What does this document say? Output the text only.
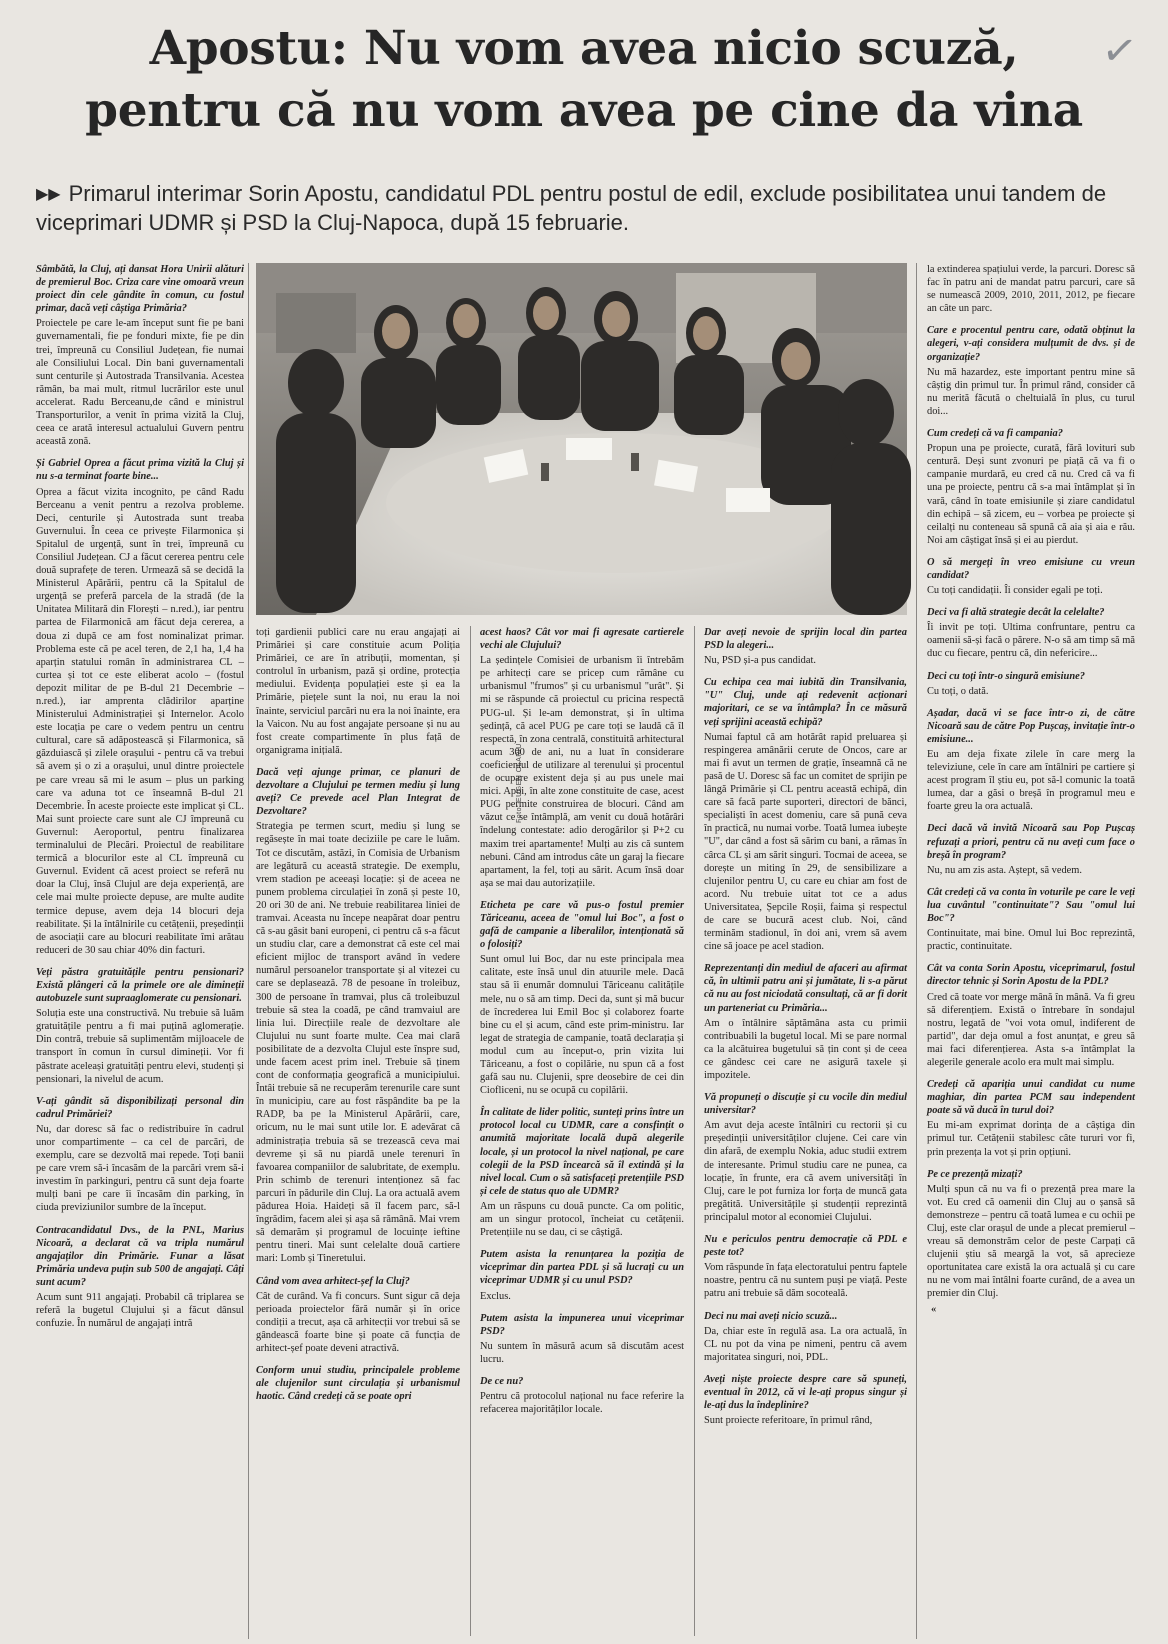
Apostu: Nu vom avea nicio scuză,
pentru că nu vom avea pe cine da vina
✓
▶▶ Primarul interimar Sorin Apostu, candidatul PDL pentru postul de edil, exclude posibilitatea unui tandem de viceprimari UDMR și PSD la Cluj-Napoca, după 15 februarie.
Foto: EUGEN OLARIU

Sâmbătă, la Cluj, ați dansat Hora Unirii alături de premierul Boc. Criza care vine omoară vreun proiect din cele gândite în comun, cu fostul primar, dacă veți câștiga Primăria?

Proiectele pe care le-am început sunt fie pe bani guvernamentali, fie pe fonduri mixte, fie pe din trei, împreună cu Consiliul Județean, fie numai ale Consiliului Local. Din bani guvernamentali sunt centurile și Autostrada Transilvania. Acestea rămân, ba mai mult, ritmul lucrărilor este unul accelerat. Radu Berceanu,de când e ministrul Transporturilor, a venit în prima vizită la Cluj, ceea ce arată interesul actualului Guvern pentru această zonă.

Și Gabriel Oprea a făcut prima vizită la Cluj și nu s-a terminat foarte bine...

Oprea a făcut vizita incognito, pe când Radu Berceanu a venit pentru a rezolva probleme. Deci, centurile și Autostrada sunt treaba Guvernului. În ceea ce privește Filarmonica și Spitalul de urgență, sunt în trei, împreună cu Consiliul Județean. CJ a făcut cererea pentru cele două suprafețe de teren. Urmează să se decidă la Ministerul Apărării, pentru că la Spitalul de urgență se preferă parcela de la stradă (de la Unitatea Militară din Florești – n.red.), iar pentru partea de Filarmonică am făcut deja cererea, a doua zi după ce am fost nominalizat primar. Problema este că pe acel teren, de 2,1 ha, 1,4 ha aparțin statului român în administrarea CL – curtea și tot ce este eliberat acolo – (fostul depozit militar de pe B-dul 21 Decembrie – n.red.), iar amprenta clădirilor aparține Ministerului Administrației și Internelor. Acolo este locația pe care o vedem pentru un centru cultural, care să adăpostească și Filarmonica, să găzduiască și zilele orașului - pentru că va trebui să avem și o zi a orașului, unul dintre proiectele pe care vreau să mi le asum – plus un parking care va aduna tot ce înseamnă B-dul 21 Decembrie. În aceste proiecte este implicat și CL. Mai sunt proiecte care sunt ale CJ împreună cu Guvernul: Aeroportul, pentru finalizarea terminalului de Plecări. Proiectul de reabilitare termică a blocurilor este al CL împreună cu Guvernul. Evident că acest proiect se referă nu doar la Cluj, însă Clujul are deja experiență, are cele mai multe proiecte depuse, are multe audite termice depuse, avem deja 14 blocuri deja reabilitate. Și la întâlnirile cu cetățenii, președinții de asociații care au blocuri reabilitate îmi arătau reduceri de 30 sau chiar 40% din facturi.

Veți păstra gratuitățile pentru pensionari? Există plângeri că la primele ore ale dimineții autobuzele sunt supraaglomerate cu pensionari.

Soluția este una constructivă. Nu trebuie să luăm gratuitățile pentru a fi mai puțină aglomerație. Din contră, trebuie să suplimentăm mijloacele de transport în comun în cursul dimineții. Vor fi păstrate aceleași gratuități pentru elevi, studenți și pensionari, la nivelul de acum.

V-ați gândit să disponibilizați personal din cadrul Primăriei?

Nu, dar doresc să fac o redistribuire în cadrul unor compartimente – ca cel de parcări, de exemplu, care se dezvoltă mai repede. Toți banii pe care vrem să-i încasăm de la parcări vrem să-i investim în parkinguri, pentru că sunt deja foarte mulți bani pe care îi încasăm din parking, în ciuda previziunilor sumbre de la început.

Contracandidatul Dvs., de la PNL, Marius Nicoară, a declarat că va tripla numărul angajaților din Primărie. Funar a lăsat Primăria undeva puțin sub 500 de angajați. Câți sunt acum?

Acum sunt 911 angajați. Probabil că triplarea se referă la bugetul Clujului și a făcut dânsul confuzie. În numărul de angajați intră

toți gardienii publici care nu erau angajați ai Primăriei și care constituie acum Poliția Primăriei, ce are în atribuții, momentan, și controlul în urbanism, pază și ordine, protecția mediului. Evidența populației este și ea la Primărie, piețele sunt la noi, nu erau la noi înainte, serviciul parcări nu era la noi înainte, era la Vaicon. Nu au fost angajate persoane și nu au fost create compartimente în plus față de organigrama inițială.

Dacă veți ajunge primar, ce planuri de dezvoltare a Clujului pe termen mediu și lung aveți? Ce prevede acel Plan Integrat de Dezvoltare?

Strategia pe termen scurt, mediu și lung se regăsește în mai toate deciziile pe care le luăm. Tot ce discutăm, astăzi, în Comisia de Urbanism are legătură cu această strategie. De exemplu, vrem stadion pe aceeași locație: și de aceea ne punem problema circulației în zonă și peste 10, 20 ori 30 de ani. Ne trebuie reabilitarea liniei de tramvai. Aceasta nu începe neapărat doar pentru că s-au găsit bani europeni, ci pentru că s-a făcut un studiu clar, care a demonstrat că este cel mai eficient mijloc de transport având în vedere numărul persoanelor transportate și al vitezei cu care se deplasează. 78 de pesoane în troleibuz, 300 de persoane în tramvai, plus că troleibuzul trebuie să stea la coadă, pe când tramvaiul are linia lui. Direcțiile reale de dezvoltare ale Clujului nu sunt foarte multe. Cea mai clară posibilitate de a dezvolta Clujul este înspre sud, unde facem acest prim inel. Trebuie să ținem cont de conformația geografică a municipiului. Întâi trebuie să ne recuperăm terenurile care sunt în municipiu, care au fost răspândite ba pe la RADP, ba pe la Ministerul Apărării, care, oricum, nu le mai sunt utile lor. E adevărat că administrația trebuia să se trezească ceva mai devreme și să nu piardă unele terenuri în favoarea companiilor de salubritate, de exemplu. Prin schimb de terenuri intenționez să fac parcuri în pădurile din Cluj. La ora actuală avem pădurea Hoia. Haideți să îl facem parc, să-l îngrădim, facem alei și așa să rămână. Mai vrem să demarăm și programul de locuințe ieftine pentru tineri. Mai sunt celelalte două cartiere mari: Lomb și Tineretului.

Când vom avea arhitect-șef la Cluj?

Cât de curând. Va fi concurs. Sunt sigur că deja perioada proiectelor fără număr și în orice condiții a trecut, așa că arhitecții vor trebui să se gândească foarte bine și poate că funcția de arhitect-șef poate deveni atractivă.

Conform unui studiu, principalele probleme ale clujenilor sunt circulația și urbanismul haotic. Când credeți că se poate opri

acest haos? Cât vor mai fi agresate cartierele vechi ale Clujului?

La ședințele Comisiei de urbanism îi întrebăm pe arhitecți care se pricep cum rămâne cu urbanismul "frumos" și cu urbanismul "urât". Și mi se răspunde că proiectul cu pricina respectă PUG-ul. Și le-am demonstrat, și în ultima ședință, că acel PUG pe care toți se laudă că îl respectă, în zona centrală, constituită arhitectural acum 300 de ani, nu a luat în considerare coeficientul de utilizare al terenului și procentul de ocupare existent deja și au pus unele mai mici. Apoi, în alte zone constituite de case, acest PUG permite construirea de blocuri. Când am văzut ce se întâmplă, am venit cu două hotărâri îndelung contestate: adio derogărilor și P+2 cu maxim trei apartamente! Mulți au zis că suntem nebuni. Când am introdus câte un garaj la fiecare apartament, la fel, toți au sărit. Acum însă doar așa se mai dau autorizațiile.

Eticheta pe care vă pus-o fostul premier Tăriceanu, aceea de "omul lui Boc", a fost o gafă de campanie a liberalilor, intenționată să o folosiți?

Sunt omul lui Boc, dar nu este principala mea calitate, este însă unul din atuurile mele. Dacă stau să îi enumăr domnului Tăriceanu calitățile mele, nu o să am timp. Deci da, sunt și mă bucur de încrederea lui Emil Boc și colaborez foarte bine cu el și acum, când este prim-ministru. Iar legat de strategia de campanie, toată declarația și modul cum au început-o, prin vizita lui Tăriceanu, a fost o copilărie, nu spun că a fost gafă sau nu. Clujenii, spre deosebire de cei din Ciofliceni, nu se ocupă cu copilării.

În calitate de lider politic, sunteți prins între un protocol local cu UDMR, care a consfințit o anumită majoritate locală după alegerile locale, și un protocol la nivel național, pe care colegii de la PSD încearcă să îl extindă și la nivel local. Cum o să satisfaceți pretențiile PSD și cele de status quo ale UDMR?

Am un răspuns cu două puncte. Ca om politic, am un singur protocol, încheiat cu cetățenii. Pretențiile nu se dau, ci se câștigă.

Putem asista la renunțarea la poziția de viceprimar din partea PDL și să lucrați cu un viceprimar UDMR și cu unul PSD?

Exclus.

Putem asista la impunerea unui viceprimar PSD?

Nu suntem în măsură acum să discutăm acest lucru.

De ce nu?

Pentru că protocolul național nu face referire la refacerea majorităților locale.

Dar aveți nevoie de sprijin local din partea PSD la alegeri...

Nu, PSD și-a pus candidat.

Cu echipa cea mai iubită din Transilvania, "U" Cluj, unde ați redevenit acționari majoritari, ce se va întâmpla? În ce măsură veți sprijini această echipă?

Numai faptul că am hotărât rapid preluarea și respingerea amânării cerute de Oncos, care ar mai fi avut un termen de grație, înseamnă că ne pasă de U. Doresc să fac un comitet de sprijin pe lângă Primărie și CL pentru această echipă, din care să facă parte suporteri, directori de bănci, specialiști în acest domeniu, care să pună ceva în practică, nu numai vorbe. Toată lumea iubește "U", dar când a fost să sărim cu bani, a rămas în cârca CL și am sărit singuri. Tocmai de aceea, se dorește un miting în 29, de sensibilizare a clujenilor pentru U, cu care eu chiar am fost de acord. Nu trebuie uitat tot ce a adus Universitatea, Șepcile Roșii, faima și respectul de care se bucură acest club. Noi, când terminăm stadionul, în doi ani, vrem să avem cine să joace pe acel stadion.

Reprezentanți din mediul de afaceri au afirmat că, în ultimii patru ani și jumătate, li s-a părut că nu au fost niciodată consultați, că ar fi dorit un parteneriat cu Primăria...

Am o întâlnire săptămâna asta cu primii contribuabili la bugetul local. Mi se pare normal ca la alcătuirea bugetului să țin cont și de ceea ce gândesc cei care ne asigură taxele și impozitele.

Vă propuneți o discuție și cu vocile din mediul universitar?

Am avut deja aceste întâlniri cu rectorii și cu președinții universităților clujene. Cei care vin din afară, de exemplu Nokia, aduc studii extrem de interesante. Primul studiu care ne punea, ca locație, în frunte, era că avem universități în Cluj, care le pot furniza lor forța de muncă gata pregătită. Universitățile și studenții reprezintă principalul motor al economiei Clujului.

Nu e periculos pentru democrație că PDL e peste tot?

Vom răspunde în fața electoratului pentru faptele noastre, pentru că nu suntem puși pe viață. Peste patru ani trebuie să dăm socoteală.

Deci nu mai aveți nicio scuză...

Da, chiar este în regulă asa. La ora actuală, în CL nu pot da vina pe nimeni, pentru că avem majoritatea singuri, noi, PDL.

Aveți niște proiecte despre care să spuneți, eventual în 2012, că vi le-ați propus singur și le-ați dus la îndeplinire?

Sunt proiecte referitoare, în primul rând,

la extinderea spațiului verde, la parcuri. Doresc să fac în patru ani de mandat patru parcuri, care să se numească 2009, 2010, 2011, 2012, pe fiecare an câte un parc.

Care e procentul pentru care, odată obținut la alegeri, v-ați considera mulțumit de dvs. și de organizație?

Nu mă hazardez, este important pentru mine să câștig din primul tur. În primul rând, consider că nu merită făcută o cheltuială în plus, cu turul doi...

Cum credeți că va fi campania?

Propun una pe proiecte, curată, fără lovituri sub centură. Deși sunt zvonuri pe piață că va fi o campanie murdară, eu cred că nu. Cred că va fi una pe proiecte, pentru că s-a mai întâmplat și în vară, când în toate emisiunile și ziare candidatul din echipă – să zicem, eu – vorbea pe proiecte și ceilalți nu conteneau să spună că aia și aia e rău. Noi am câștigat însă și ei au pierdut.

O să mergeți în vreo emisiune cu vreun candidat?

Cu toți candidații. Îi consider egali pe toți.

Deci va fi altă strategie decât la celelalte?

Îi invit pe toți. Ultima confruntare, pentru ca oamenii să-și facă o părere. N-o să am timp să mă duc cu fiecare, pentru că, din nefericire...

Deci cu toți într-o singură emisiune?

Cu toți, o dată.

Așadar, dacă vi se face într-o zi, de către Nicoară sau de către Pop Pușcaș, invitație într-o emisiune...

Eu am deja fixate zilele în care merg la televiziune, cele în care am întâlniri pe cartiere și acest program îl știu eu, pot să-l comunic la toată lumea, dar a găsi o breșă în programul meu e foarte greu la ora actuală.

Deci dacă vă invită Nicoară sau Pop Pușcaș refuzați a priori, pentru că nu aveți cum face o breșă în program?

Nu, nu am zis asta. Aștept, să vedem.

Cât credeți că va conta în voturile pe care le veți lua cuvântul "continuitate"? Sau "omul lui Boc"?

Continuitate, mai bine. Omul lui Boc reprezintă, practic, continuitate.

Cât va conta Sorin Apostu, viceprimarul, fostul director tehnic și Sorin Apostu de la PDL?

Cred că toate vor merge mână în mână. Va fi greu să diferențiem. Există o întrebare în sondajul nostru, legată de "voi vota omul, indiferent de partid", dar deja omul a fost anunțat, e greu să mai faci diferențierea. Asta s-a întâmplat la alegerile generale acolo era mult mai simplu.

Credeți că apariția unui candidat cu nume maghiar, din partea PCM sau independent poate să vă ducă în turul doi?

Eu mi-am exprimat dorința de a câștiga din primul tur. Cetățenii stabilesc câte tururi vor fi, prin prezența la vot și prin opțiuni.

Pe ce prezență mizați?

Mulți spun că nu va fi o prezență prea mare la vot. Eu cred că oamenii din Cluj au o șansă să demonstreze – pentru că toată lumea e cu ochii pe Cluj, este clar orașul de unde a plecat premierul – vreau să demonstrăm celor de peste Carpați că clujenii știu să meargă la vot, să aprecieze oportunitatea care există la ora actuală și cu care nu ne vom mai întâlni foarte curând, de a avea un premier din Cluj.

«
